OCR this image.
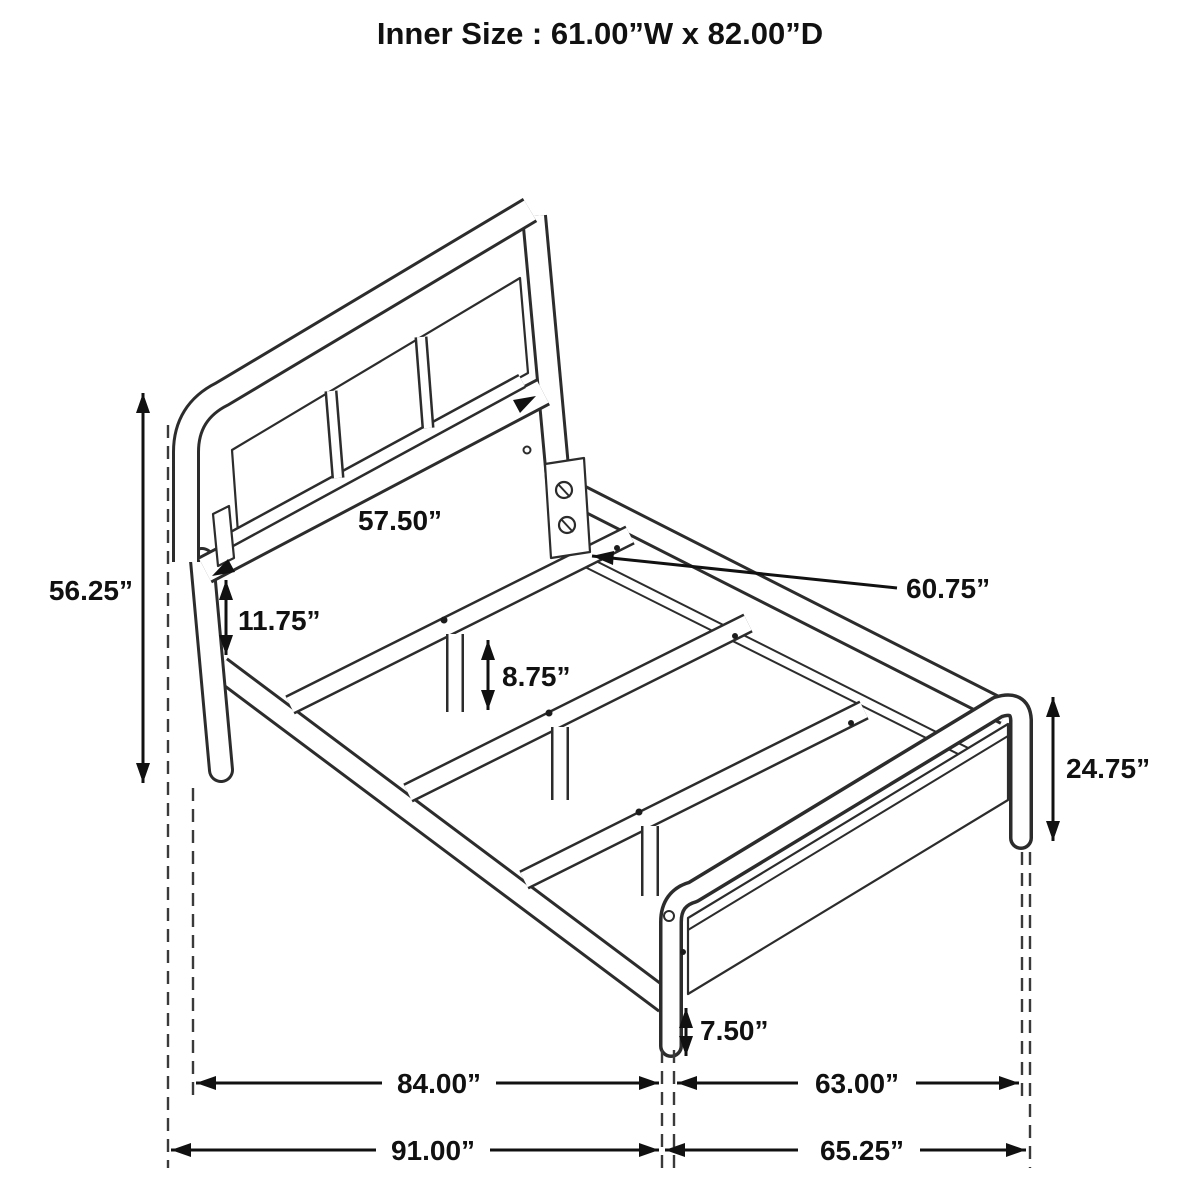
Inner Size : 61.00”W x 82.00”D
56.25”
57.50”
11.75”
8.75”
60.75”
24.75”
7.50”
84.00”	63.00”
91.00”	65.25”
